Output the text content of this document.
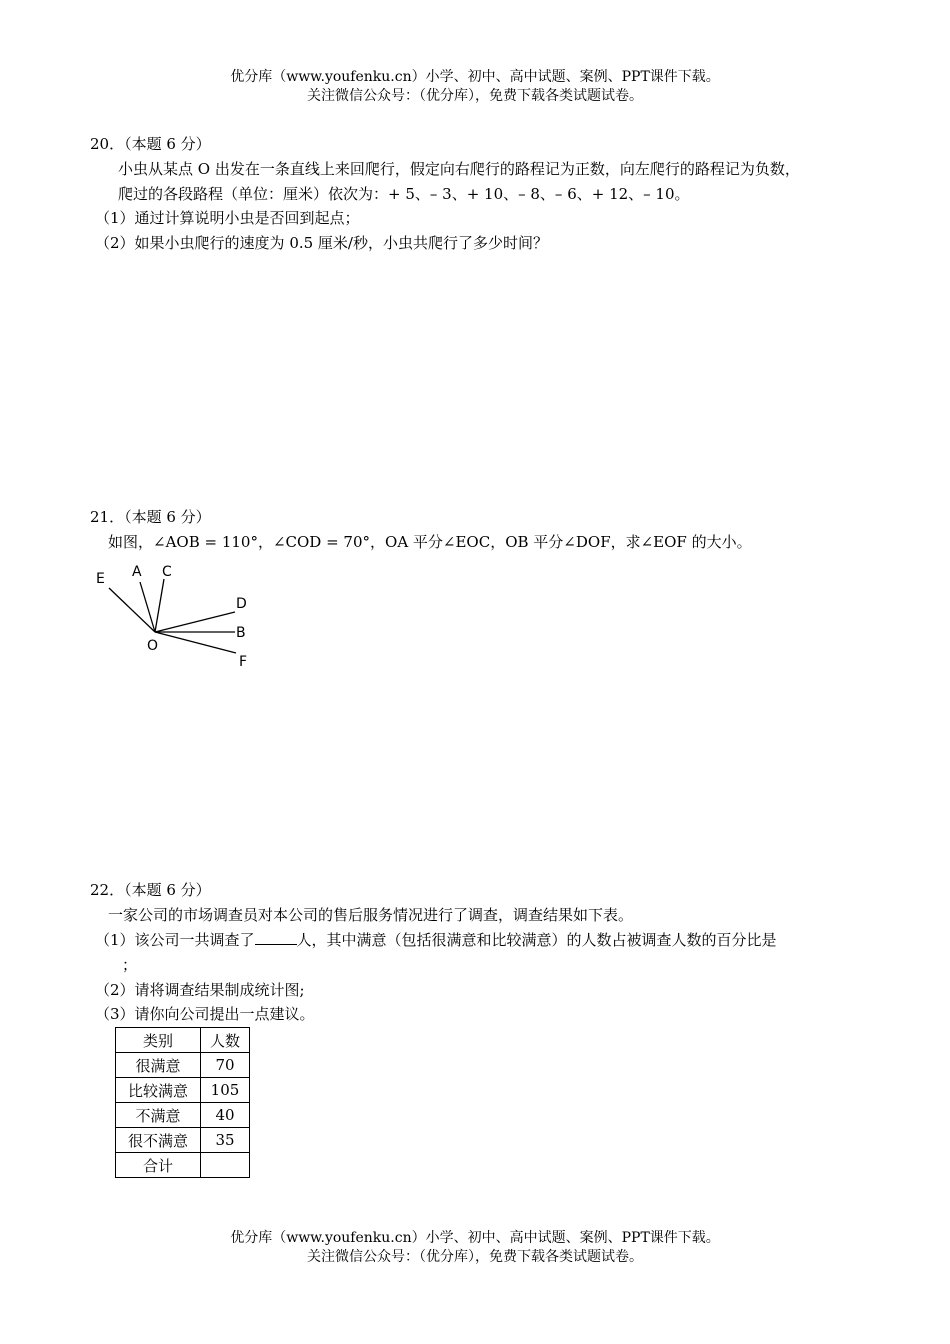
优分库（www.youfenku.cn）小学、初中、高中试题、案例、PPT课件下载。
关注微信公众号：（优分库），免费下载各类试题试卷。
20．（本题 6 分）
小虫从某点 O 出发在一条直线上来回爬行，假定向右爬行的路程记为正数，向左爬行的路程记为负数，
爬过的各段路程（单位：厘米）依次为：+ 5、– 3、+ 10、– 8、– 6、+ 12、– 10。
（1）通过计算说明小虫是否回到起点；
（2）如果小虫爬行的速度为 0.5 厘米/秒，小虫共爬行了多少时间？
21．（本题 6 分）
如图，∠AOB = 110°，∠COD = 70°，OA 平分∠EOC，OB 平分∠DOF，求∠EOF 的大小。
E A C
D
B
O
F
22．（本题 6 分）
一家公司的市场调查员对本公司的售后服务情况进行了调查，调查结果如下表。
（1）该公司一共调查了	人，其中满意（包括很满意和比较满意）的人数占被调查人数的百分比是
；
（2）请将调查结果制成统计图;
（3）请你向公司提出一点建议。
类别	人数
很满意	70
比较满意	105
不满意	40
很不满意	35
合计	
优分库（www.youfenku.cn）小学、初中、高中试题、案例、PPT课件下载。
关注微信公众号：（优分库），免费下载各类试题试卷。
